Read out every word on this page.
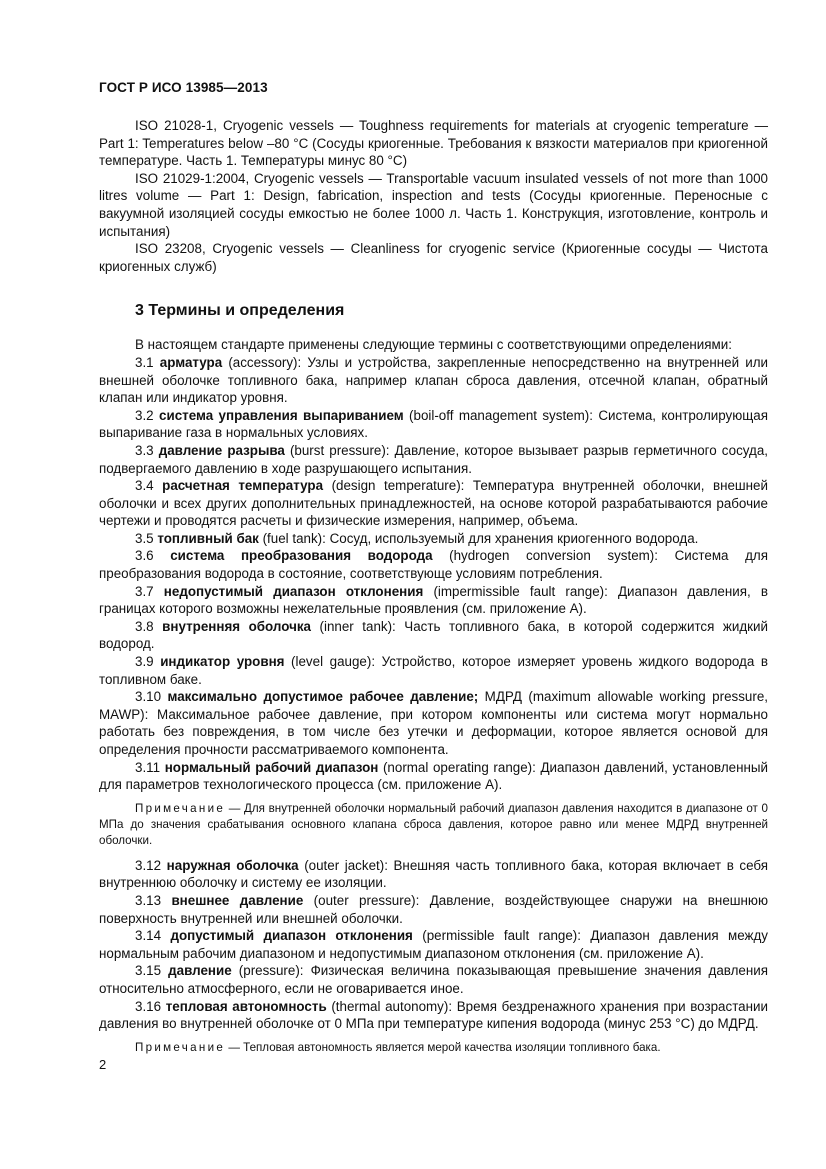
ГОСТ Р ИСО 13985—2013

ISO 21028-1, Cryogenic vessels — Toughness requirements for materials at cryogenic temperature — Part 1: Temperatures below –80 °C (Сосуды криогенные. Требования к вязкости материалов при криогенной температуре. Часть 1. Температуры минус 80 °С)

ISO 21029-1:2004, Cryogenic vessels — Transportable vacuum insulated vessels of not more than 1000 litres volume — Part 1: Design, fabrication, inspection and tests (Сосуды криогенные. Переносные с вакуумной изоляцией сосуды емкостью не более 1000 л. Часть 1. Конструкция, изготовление, контроль и испытания)

ISO 23208, Cryogenic vessels — Cleanliness for cryogenic service (Криогенные сосуды — Чистота криогенных служб)

3 Термины и определения

В настоящем стандарте применены следующие термины с соответствующими определениями:

3.1 арматура (accessory): Узлы и устройства, закрепленные непосредственно на внутренней или внешней оболочке топливного бака, например клапан сброса давления, отсечной клапан, обратный клапан или индикатор уровня.

3.2 система управления выпариванием (boil-off management system): Система, контролирующая выпаривание газа в нормальных условиях.

3.3 давление разрыва (burst pressure): Давление, которое вызывает разрыв герметичного сосуда, подвергаемого давлению в ходе разрушающего испытания.

3.4 расчетная температура (design temperature): Температура внутренней оболочки, внешней оболочки и всех других дополнительных принадлежностей, на основе которой разрабатываются рабочие чертежи и проводятся расчеты и физические измерения, например, объема.

3.5 топливный бак (fuel tank): Сосуд, используемый для хранения криогенного водорода.

3.6 система преобразования водорода (hydrogen conversion system): Система для преобразования водорода в состояние, соответствующе условиям потребления.

3.7 недопустимый диапазон отклонения (impermissible fault range): Диапазон давления, в границах которого возможны нежелательные проявления (см. приложение А).

3.8 внутренняя оболочка (inner tank): Часть топливного бака, в которой содержится жидкий водород.

3.9 индикатор уровня (level gauge): Устройство, которое измеряет уровень жидкого водорода в топливном баке.

3.10 максимально допустимое рабочее давление; МДРД (maximum allowable working pressure, MAWP): Максимальное рабочее давление, при котором компоненты или система могут нормально работать без повреждения, в том числе без утечки и деформации, которое является основой для определения прочности рассматриваемого компонента.

3.11 нормальный рабочий диапазон (normal operating range): Диапазон давлений, установленный для параметров технологического процесса (см. приложение А).

Примечание — Для внутренней оболочки нормальный рабочий диапазон давления находится в диапазоне от 0 МПа до значения срабатывания основного клапана сброса давления, которое равно или менее МДРД внутренней оболочки.

3.12 наружная оболочка (outer jacket): Внешняя часть топливного бака, которая включает в себя внутреннюю оболочку и систему ее изоляции.

3.13 внешнее давление (outer pressure): Давление, воздействующее снаружи на внешнюю поверхность внутренней или внешней оболочки.

3.14 допустимый диапазон отклонения (permissible fault range): Диапазон давления между нормальным рабочим диапазоном и недопустимым диапазоном отклонения (см. приложение А).

3.15 давление (pressure): Физическая величина показывающая превышение значения давления относительно атмосферного, если не оговаривается иное.

3.16 тепловая автономность (thermal autonomy): Время бездренажного хранения при возрастании давления во внутренней оболочке от 0 МПа при температуре кипения водорода (минус 253 °С) до МДРД.

Примечание — Тепловая автономность является мерой качества изоляции топливного бака.

2
